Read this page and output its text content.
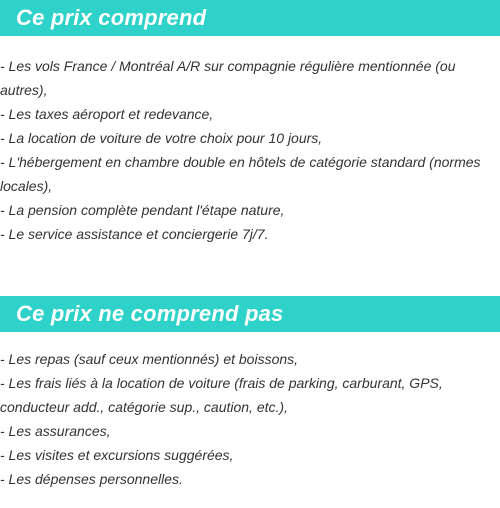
Ce prix comprend
- Les vols France / Montréal A/R sur compagnie régulière mentionnée (ou autres),
- Les taxes aéroport et redevance,
- La location de voiture de votre choix pour 10 jours,
- L'hébergement en chambre double en hôtels de catégorie standard (normes locales),
- La pension complète pendant l'étape nature,
- Le service assistance et conciergerie 7j/7.
Ce prix ne comprend pas
- Les repas (sauf ceux mentionnés) et boissons,
- Les frais liés à la location de voiture (frais de parking, carburant, GPS, conducteur add., catégorie sup., caution, etc.),
- Les assurances,
- Les visites et excursions suggérées,
- Les dépenses personnelles.
